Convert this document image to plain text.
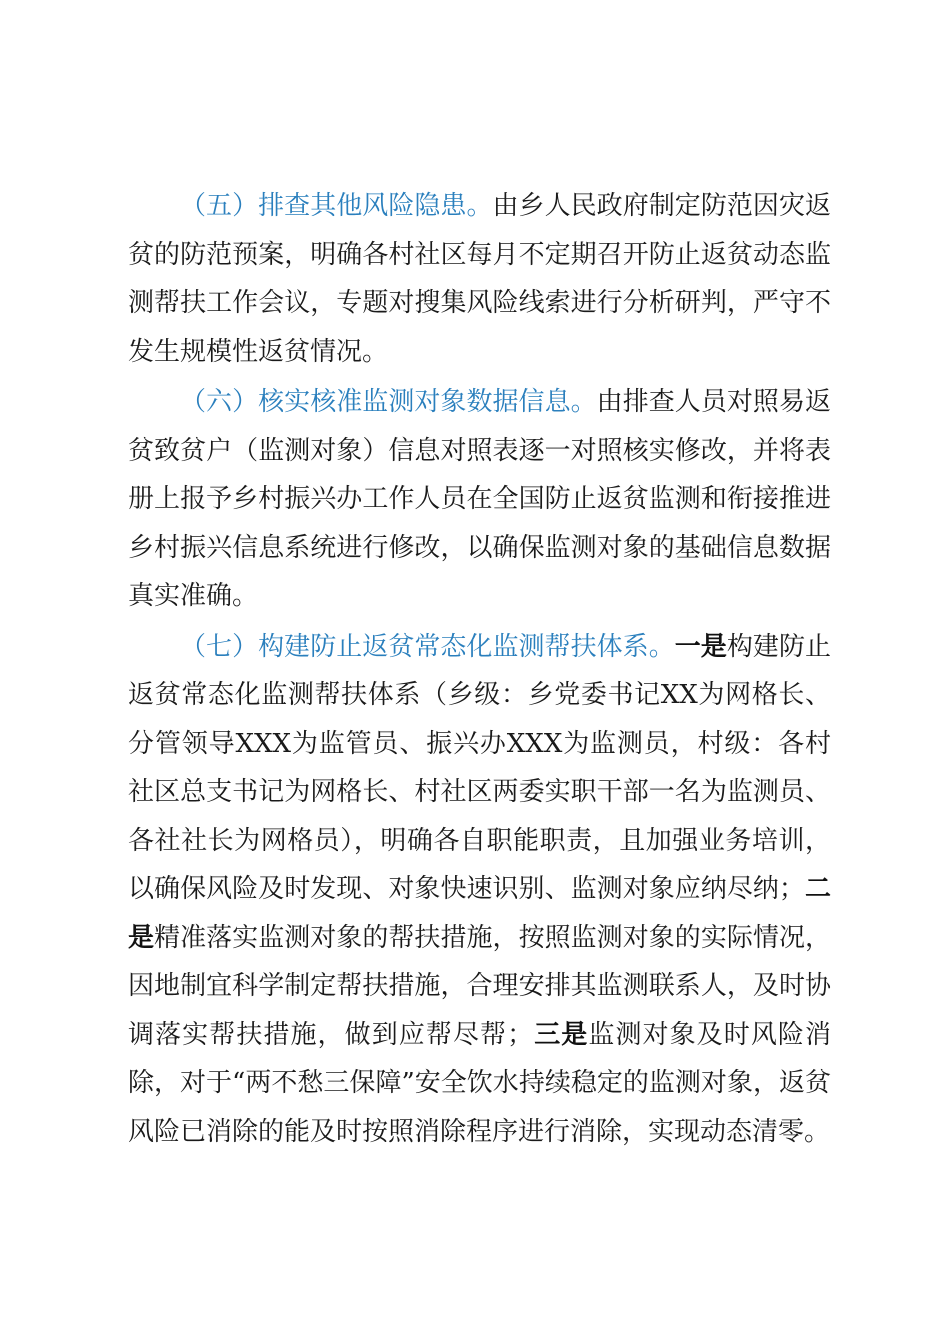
（五）排查其他风险隐患。由乡人民政府制定防范因灾返贫的防范预案，明确各村社区每月不定期召开防止返贫动态监测帮扶工作会议，专题对搜集风险线索进行分析研判，严守不发生规模性返贫情况。

（六）核实核准监测对象数据信息。由排查人员对照易返贫致贫户（监测对象）信息对照表逐一对照核实修改，并将表册上报予乡村振兴办工作人员在全国防止返贫监测和衔接推进乡村振兴信息系统进行修改，以确保监测对象的基础信息数据真实准确。

（七）构建防止返贫常态化监测帮扶体系。一是构建防止返贫常态化监测帮扶体系（乡级：乡党委书记XX为网格长、分管领导XXX为监管员、振兴办XXX为监测员，村级：各村社区总支书记为网格长、村社区两委实职干部一名为监测员、各社社长为网格员），明确各自职能职责，且加强业务培训，以确保风险及时发现、对象快速识别、监测对象应纳尽纳；二是精准落实监测对象的帮扶措施，按照监测对象的实际情况，因地制宜科学制定帮扶措施，合理安排其监测联系人，及时协调落实帮扶措施，做到应帮尽帮；三是监测对象及时风险消除，对于“两不愁三保障”安全饮水持续稳定的监测对象，返贫风险已消除的能及时按照消除程序进行消除，实现动态清零。
